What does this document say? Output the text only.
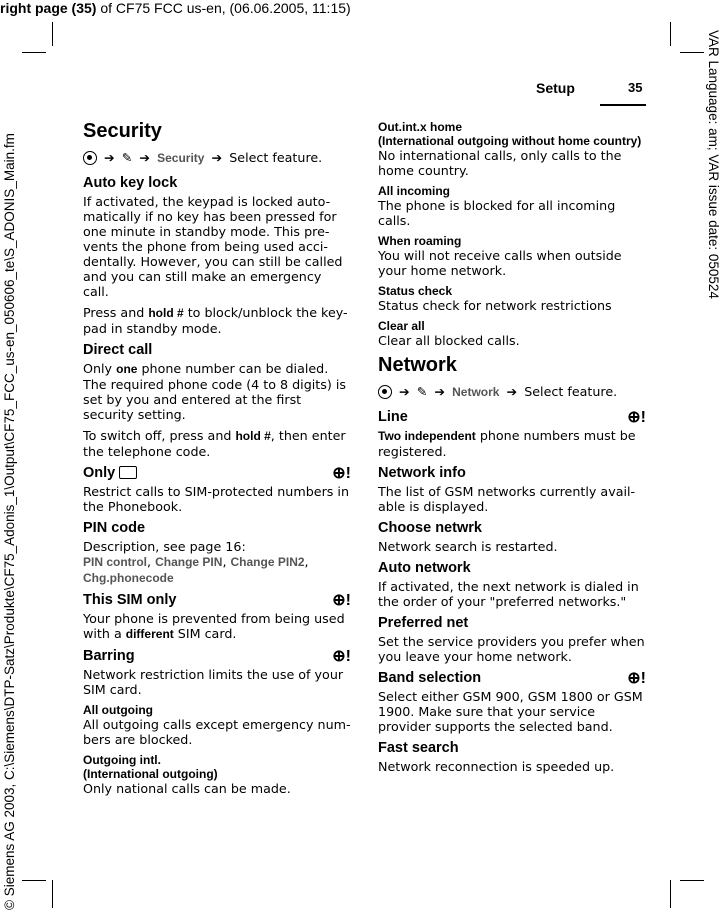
right page (35) of CF75 FCC us-en, (06.06.2005, 11:15)
VAR Language: am; VAR issue date: 050524
© Siemens AG 2003, C:\Siemens\DTP-Satz\Produkte\CF75_Adonis_1\Output\CF75_FCC_us-en_050606_te\S_ADONIS_Main.fm
Setup	35
Security
➔ ✎ ➔ Security ➔ Select feature.
Auto key lock

If activated, the keypad is locked auto-matically if no key has been pressed for one minute in standby mode. This pre-vents the phone from being used acci-dentally. However, you can still be called and you can still make an emergency call.

Press and hold # to block/unblock the key-pad in standby mode.

Direct call

Only one phone number can be dialed. The required phone code (4 to 8 digits) is set by you and entered at the first security setting.

To switch off, press and hold #, then enter the telephone code.

Only	⊕!

Restrict calls to SIM-protected numbers in the Phonebook.

PIN code

Description, see page 16:

PIN control, Change PIN, Change PIN2,
Chg.phonecode

This SIM only	⊕!

Your phone is prevented from being used with a different SIM card.

Barring	⊕!

Network restriction limits the use of your SIM card.

All outgoing

All outgoing calls except emergency num-bers are blocked.

Outgoing intl.
(International outgoing)

Only national calls can be made.

Out.int.x home
(International outgoing without home country)

No international calls, only calls to the home country.

All incoming

The phone is blocked for all incoming calls.

When roaming

You will not receive calls when outside your home network.

Status check

Status check for network restrictions

Clear all

Clear all blocked calls.

Network
➔ ✎ ➔ Network ➔ Select feature.
Line	⊕!

Two independent phone numbers must be registered.

Network info

The list of GSM networks currently avail-able is displayed.

Choose netwrk

Network search is restarted.

Auto network

If activated, the next network is dialed in the order of your "preferred networks."

Preferred net

Set the service providers you prefer when you leave your home network.

Band selection	⊕!

Select either GSM 900, GSM 1800 or GSM 1900. Make sure that your service provider supports the selected band.

Fast search

Network reconnection is speeded up.
